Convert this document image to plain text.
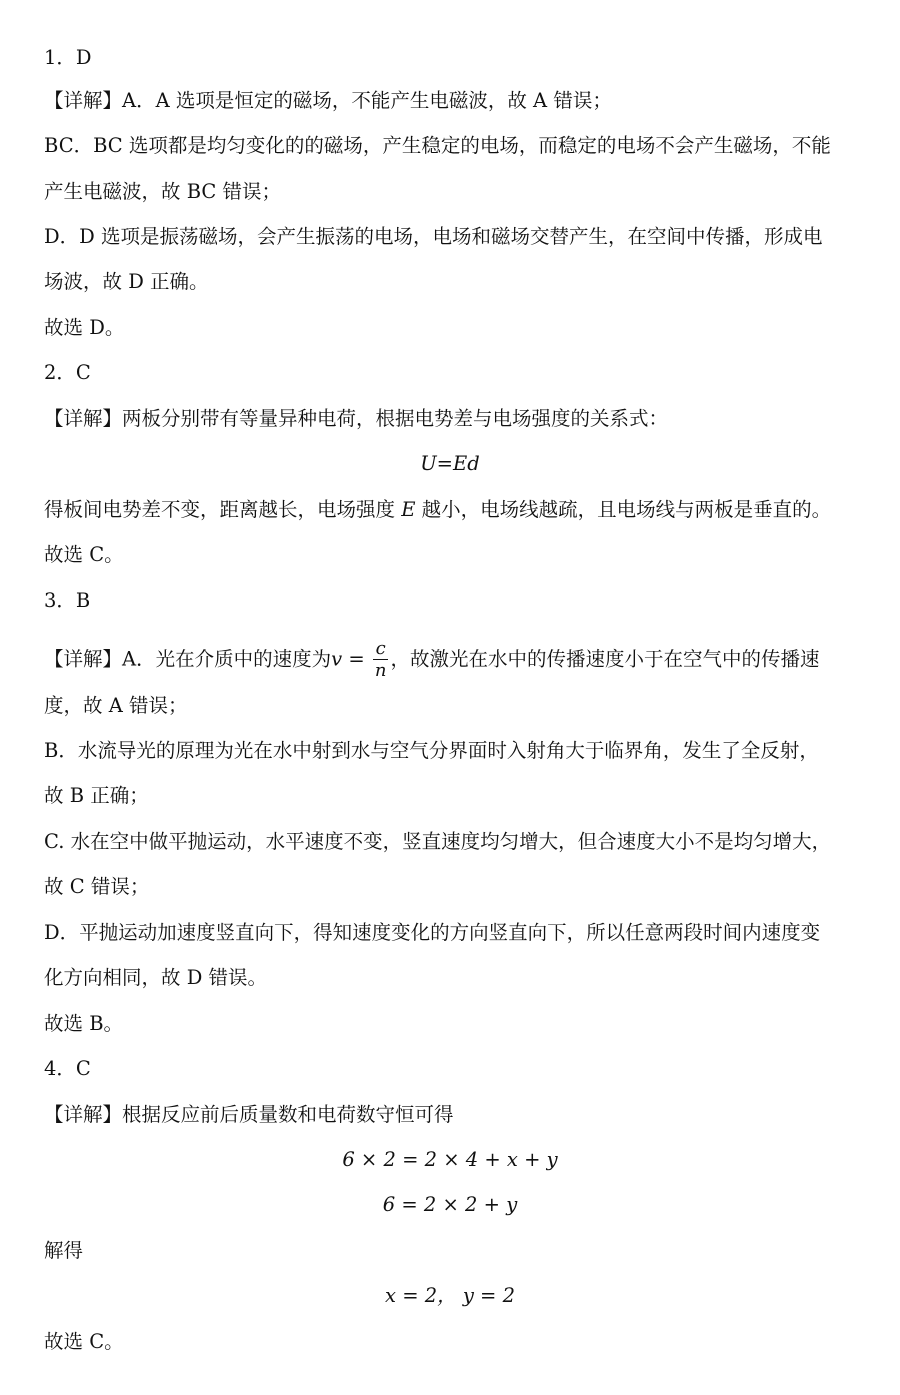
1．D
【详解】A．A 选项是恒定的磁场，不能产生电磁波，故 A 错误；
BC．BC 选项都是均匀变化的的磁场，产生稳定的电场，而稳定的电场不会产生磁场，不能
产生电磁波，故 BC 错误；
D．D 选项是振荡磁场，会产生振荡的电场，电场和磁场交替产生，在空间中传播，形成电
场波，故 D 正确。
故选 D。
2．C
【详解】两板分别带有等量异种电荷，根据电势差与电场强度的关系式：
U=Ed
得板间电势差不变，距离越长，电场强度 E 越小，电场线越疏，且电场线与两板是垂直的。
故选 C。
3．B
【详解】A．光在介质中的速度为$v = \frac{c}{n}$ ，故激光在水中的传播速度小于在空气中的传播速
度，故 A 错误；
B．水流导光的原理为光在水中射到水与空气分界面时入射角大于临界角，发生了全反射，
故 B 正确；
C. 水在空中做平抛运动，水平速度不变，竖直速度均匀增大，但合速度大小不是均匀增大，
故 C 错误；
D．平抛运动加速度竖直向下，得知速度变化的方向竖直向下，所以任意两段时间内速度变
化方向相同，故 D 错误。
故选 B。
4．C
【详解】根据反应前后质量数和电荷数守恒可得
6 × 2 = 2 × 4 + x + y
6 = 2 × 2 + y
解得
x = 2， y = 2
故选 C。
